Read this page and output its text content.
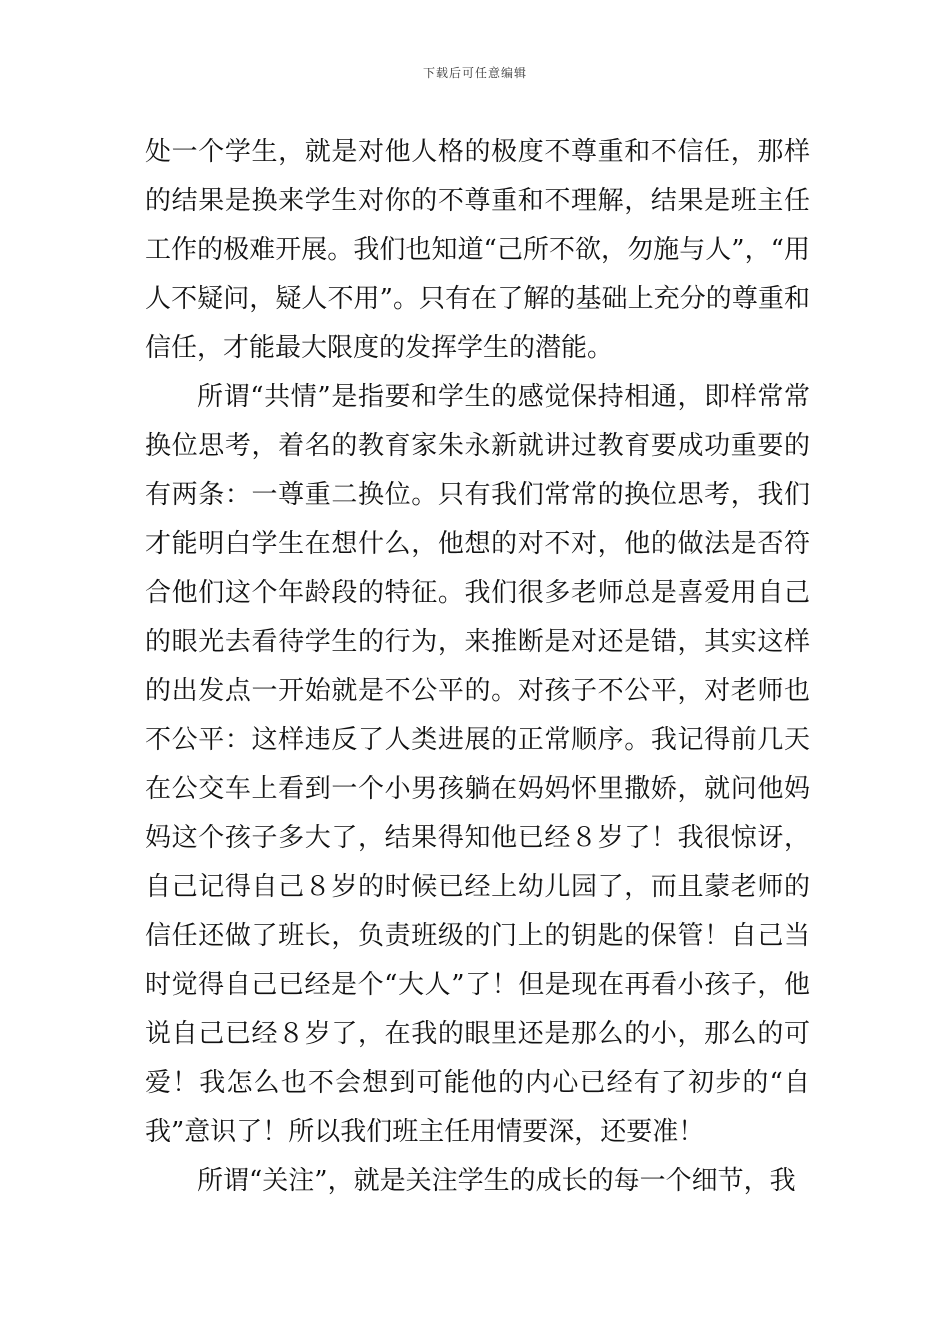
下载后可任意编辑

处一个学生，就是对他人格的极度不尊重和不信任，那样的结果是换来学生对你的不尊重和不理解，结果是班主任工作的极难开展。我们也知道“己所不欲，勿施与人”，“用人不疑问，疑人不用”。只有在了解的基础上充分的尊重和信任，才能最大限度的发挥学生的潜能。

所谓“共情”是指要和学生的感觉保持相通，即样常常换位思考，着名的教育家朱永新就讲过教育要成功重要的有两条：一尊重二换位。只有我们常常的换位思考，我们才能明白学生在想什么，他想的对不对，他的做法是否符合他们这个年龄段的特征。我们很多老师总是喜爱用自己的眼光去看待学生的行为，来推断是对还是错，其实这样的出发点一开始就是不公平的。对孩子不公平，对老师也不公平：这样违反了人类进展的正常顺序。我记得前几天在公交车上看到一个小男孩躺在妈妈怀里撒娇，就问他妈妈这个孩子多大了，结果得知他已经８岁了！我很惊讶，自己记得自己８岁的时候已经上幼儿园了，而且蒙老师的信任还做了班长，负责班级的门上的钥匙的保管！自己当时觉得自己已经是个“大人”了！但是现在再看小孩子，他说自己已经８岁了，在我的眼里还是那么的小，那么的可爱！我怎么也不会想到可能他的内心已经有了初步的“自我”意识了！所以我们班主任用情要深，还要准！

所谓“关注”，就是关注学生的成长的每一个细节，我
